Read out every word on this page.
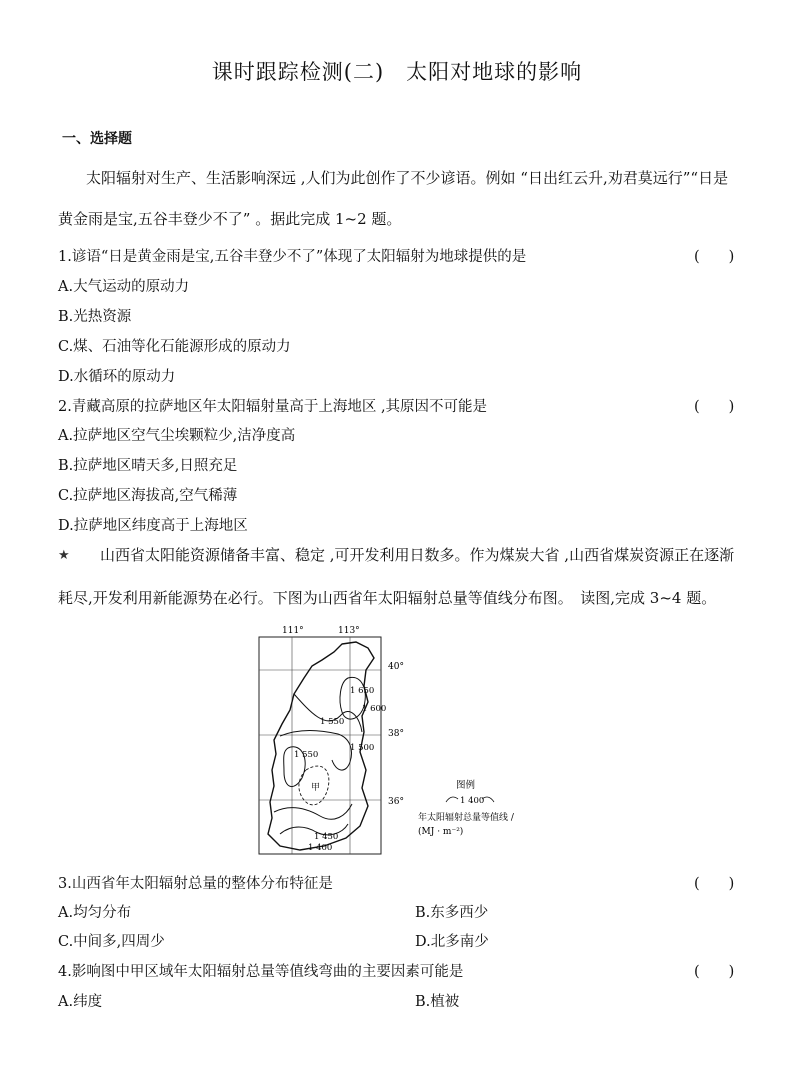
课时跟踪检测(二)　太阳对地球的影响
一、选择题
太阳辐射对生产、生活影响深远 ,人们为此创作了不少谚语。例如 “日出红云升,劝君莫远行”“日是
黄金雨是宝,五谷丰登少不了” 。据此完成 1~2 题。
1.谚语“日是黄金雨是宝,五谷丰登少不了”体现了太阳辐射为地球提供的是	(　　)
A.大气运动的原动力
B.光热资源
C.煤、石油等化石能源形成的原动力
D.水循环的原动力
2.青藏高原的拉萨地区年太阳辐射量高于上海地区 ,其原因不可能是	(　　)
A.拉萨地区空气尘埃颗粒少,洁净度高
B.拉萨地区晴天多,日照充足
C.拉萨地区海拔高,空气稀薄
D.拉萨地区纬度高于上海地区
★ 山西省太阳能资源储备丰富、稳定 ,可开发利用日数多。作为煤炭大省 ,山西省煤炭资源正在逐渐
耗尽,开发利用新能源势在必行。下图为山西省年太阳辐射总量等值线分布图。　读图,完成 3~4 题。
111°	113°
40°
38°
36°
1 650
1 600
1 550
1 500
1 550
1 450
1 400
甲	图例
1 400
年太阳辐射总量等值线 /
(MJ · m⁻²)
3.山西省年太阳辐射总量的整体分布特征是	(　　)
A.均匀分布	B.东多西少
C.中间多,四周少	D.北多南少
4.影响图中甲区域年太阳辐射总量等值线弯曲的主要因素可能是	(　　)
A.纬度	B.植被
